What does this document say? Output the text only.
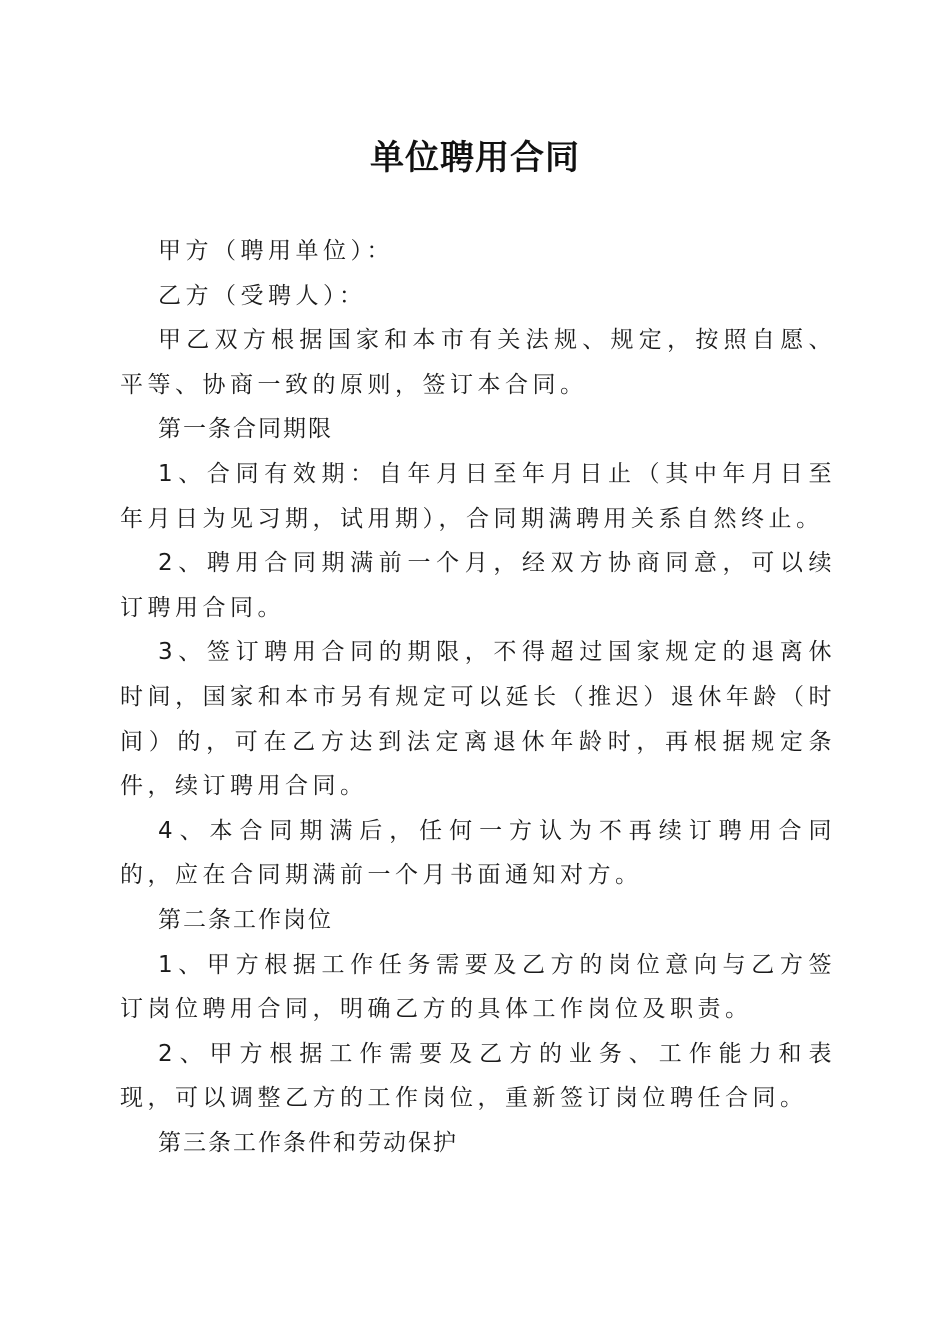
单位聘用合同

甲方（聘用单位）：

乙方（受聘人）：

甲乙双方根据国家和本市有关法规、规定，按照自愿、平等、协商一致的原则，签订本合同。

第一条合同期限

1、合同有效期：自年月日至年月日止（其中年月日至年月日为见习期，试用期），合同期满聘用关系自然终止。

2、聘用合同期满前一个月，经双方协商同意，可以续订聘用合同。

3、签订聘用合同的期限，不得超过国家规定的退离休时间，国家和本市另有规定可以延长（推迟）退休年龄（时间）的，可在乙方达到法定离退休年龄时，再根据规定条件，续订聘用合同。

4、本合同期满后，任何一方认为不再续订聘用合同的，应在合同期满前一个月书面通知对方。

第二条工作岗位

1、甲方根据工作任务需要及乙方的岗位意向与乙方签订岗位聘用合同，明确乙方的具体工作岗位及职责。

2、甲方根据工作需要及乙方的业务、工作能力和表现，可以调整乙方的工作岗位，重新签订岗位聘任合同。

第三条工作条件和劳动保护
